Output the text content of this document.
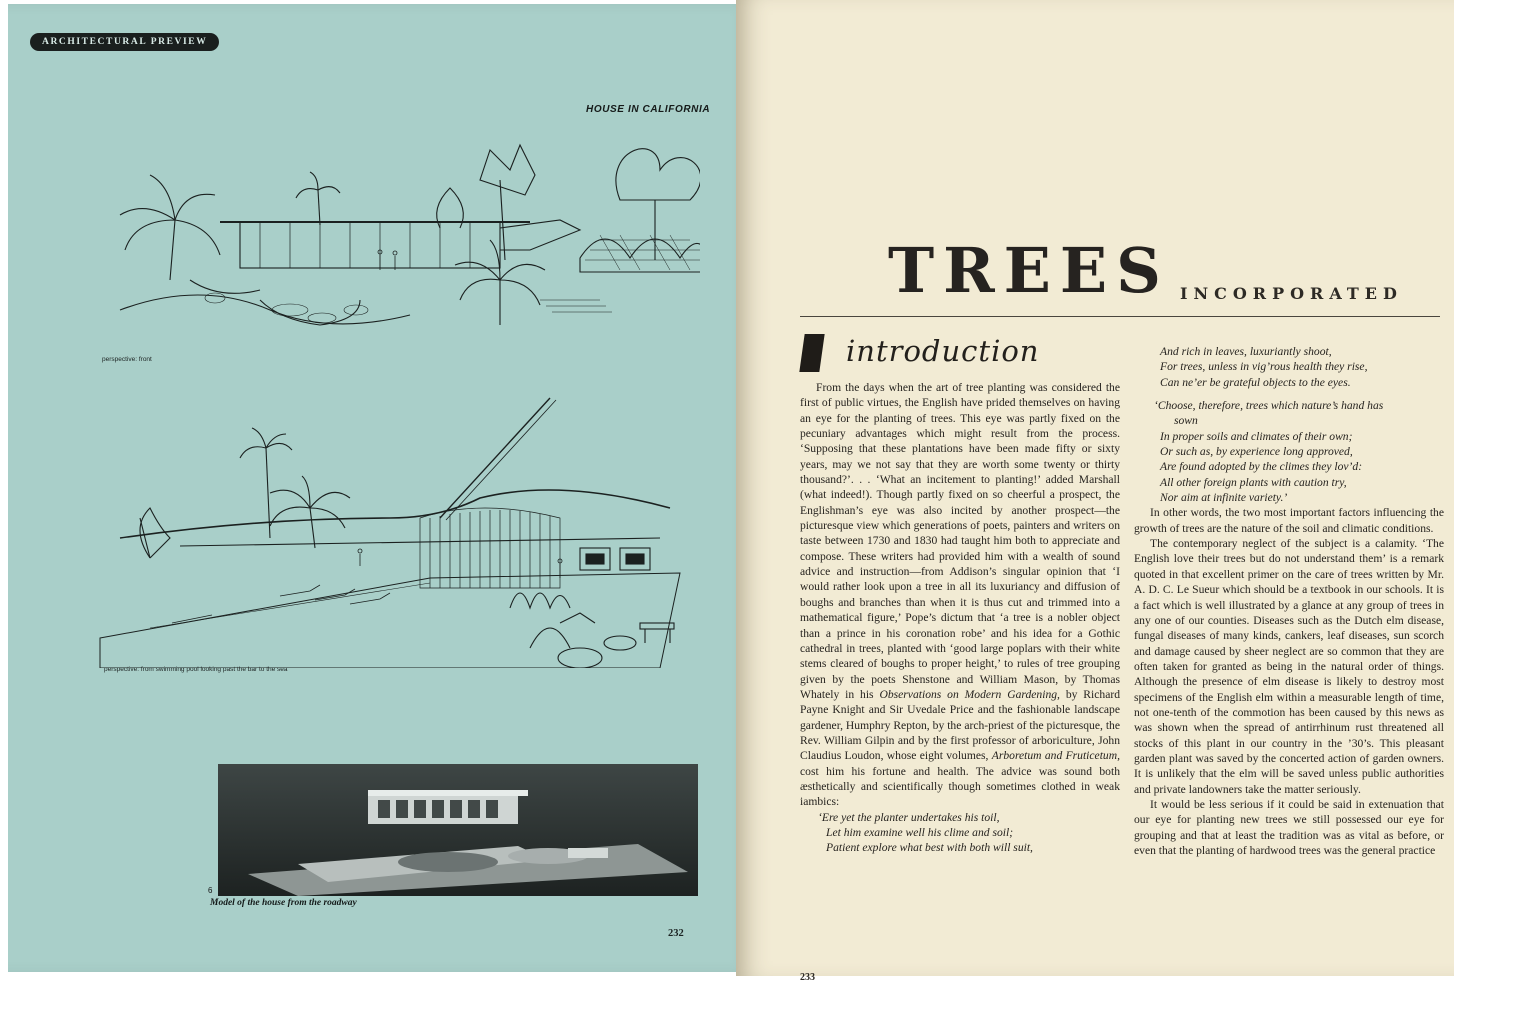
ARCHITECTURAL PREVIEW
HOUSE IN CALIFORNIA
perspective: front
perspective: from swimming pool looking past the bar to the sea
6
Model of the house from the roadway
232
TREES INCORPORATED
introduction

From the days when the art of tree planting was considered the first of public virtues, the English have prided themselves on having an eye for the planting of trees. This eye was partly fixed on the pecuniary advantages which might result from the process. ‘Supposing that these plantations have been made fifty or sixty years, may we not say that they are worth some twenty or thirty thousand?’. . . ‘What an incitement to planting!’ added Marshall (what indeed!). Though partly fixed on so cheerful a prospect, the Englishman’s eye was also incited by another prospect—the picturesque view which generations of poets, painters and writers on taste between 1730 and 1830 had taught him both to appreciate and compose. These writers had provided him with a wealth of sound advice and instruction—from Addison’s singular opinion that ‘I would rather look upon a tree in all its luxuriancy and diffusion of boughs and branches than when it is thus cut and trimmed into a mathematical figure,’ Pope’s dictum that ‘a tree is a nobler object than a prince in his coronation robe’ and his idea for a Gothic cathedral in trees, planted with ‘good large poplars with their white stems cleared of boughs to proper height,’ to rules of tree grouping given by the poets Shenstone and William Mason, by Thomas Whately in his Observations on Modern Gardening, by Richard Payne Knight and Sir Uvedale Price and the fashionable landscape gardener, Humphry Repton, by the arch-priest of the picturesque, the Rev. William Gilpin and by the first professor of arboriculture, John Claudius Loudon, whose eight volumes, Arboretum and Fruticetum, cost him his fortune and health. The advice was sound both æsthetically and scientifically though sometimes clothed in weak iambics:

‘Ere yet the planter undertakes his toil,
Let him examine well his clime and soil;
Patient explore what best with both will suit,

And rich in leaves, luxuriantly shoot,
For trees, unless in vig’rous health they rise,
Can ne’er be grateful objects to the eyes.

‘Choose, therefore, trees which nature’s hand has
sown
In proper soils and climates of their own;
Or such as, by experience long approved,
Are found adopted by the climes they lov’d:
All other foreign plants with caution try,
Nor aim at infinite variety.’

In other words, the two most important factors influencing the growth of trees are the nature of the soil and climatic conditions.

The contemporary neglect of the subject is a calamity. ‘The English love their trees but do not understand them’ is a remark quoted in that excellent primer on the care of trees written by Mr. A. D. C. Le Sueur which should be a textbook in our schools. It is a fact which is well illustrated by a glance at any group of trees in any one of our counties. Diseases such as the Dutch elm disease, fungal diseases of many kinds, cankers, leaf diseases, sun scorch and damage caused by sheer neglect are so common that they are often taken for granted as being in the natural order of things. Although the presence of elm disease is likely to destroy most specimens of the English elm within a measurable length of time, not one-tenth of the commotion has been caused by this news as was shown when the spread of antirrhinum rust threatened all stocks of this plant in our country in the ’30’s. This pleasant garden plant was saved by the concerted action of garden owners. It is unlikely that the elm will be saved unless public authorities and private landowners take the matter seriously.

It would be less serious if it could be said in extenuation that our eye for planting new trees we still possessed our eye for grouping and that at least the tradition was as vital as before, or even that the planting of hardwood trees was the general practice

233
